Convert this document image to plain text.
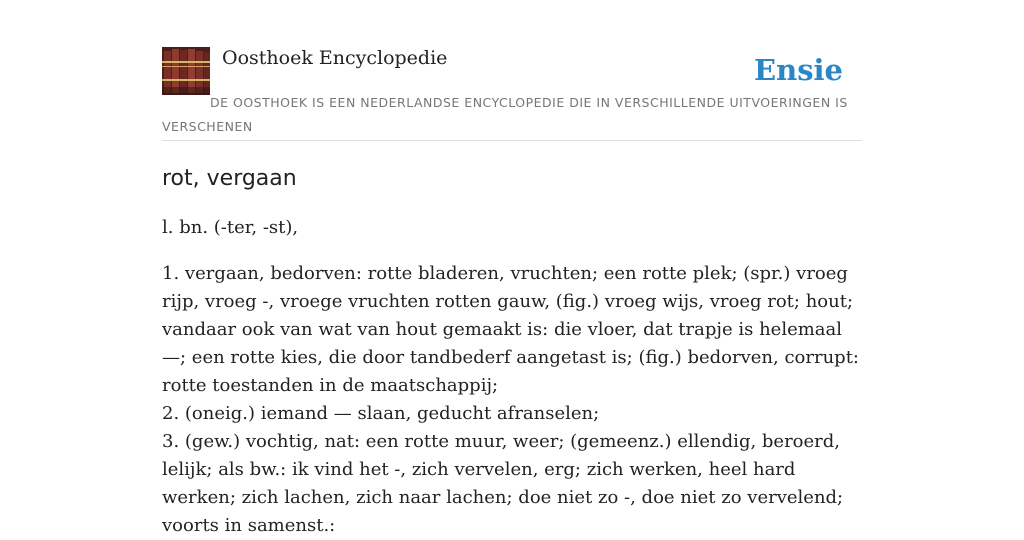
Oosthoek Encyclopedie	Ensie
DE OOSTHOEK IS EEN NEDERLANDSE ENCYCLOPEDIE DIE IN VERSCHILLENDE UITVOERINGEN IS VERSCHENEN
rot, vergaan

l. bn. (-ter, -st),

1. vergaan, bedorven: rotte bladeren, vruchten; een rotte plek; (spr.) vroeg rijp, vroeg -, vroege vruchten rotten gauw, (fig.) vroeg wijs, vroeg rot; hout; vandaar ook van wat van hout gemaakt is: die vloer, dat trapje is helemaal —; een rotte kies, die door tandbederf aangetast is; (fig.) bedorven, corrupt: rotte toestanden in de maatschappij;
2. (oneig.) iemand — slaan, geducht afranselen;
3. (gew.) vochtig, nat: een rotte muur, weer; (gemeenz.) ellendig, beroerd, lelijk; als bw.: ik vind het -, zich vervelen, erg; zich werken, heel hard werken; zich lachen, zich naar lachen; doe niet zo -, doe niet zo vervelend; voorts in samenst.:
